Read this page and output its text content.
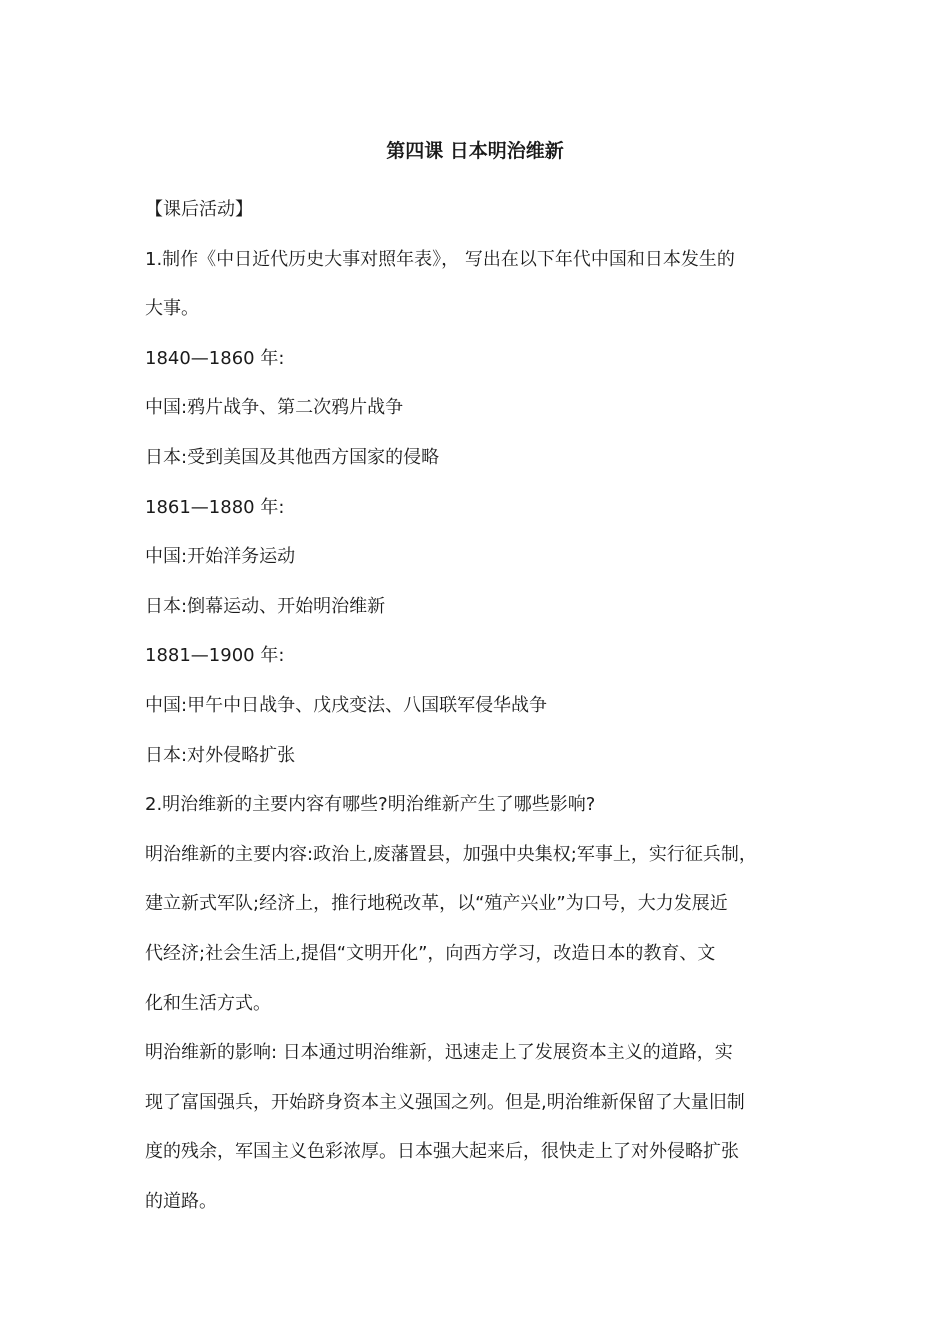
第四课 日本明治维新
【课后活动】
1.制作《中日近代历史大事对照年表》， 写出在以下年代中国和日本发生的
大事。
1840—1860 年:
中国:鸦片战争、第二次鸦片战争
日本:受到美国及其他西方国家的侵略
1861—1880 年:
中国:开始洋务运动
日本:倒幕运动、开始明治维新
1881—1900 年:
中国:甲午中日战争、戊戌变法、八国联军侵华战争
日本:对外侵略扩张
2.明治维新的主要内容有哪些?明治维新产生了哪些影响?
明治维新的主要内容:政治上,废藩置县，加强中央集权;军事上，实行征兵制，
建立新式军队;经济上，推行地税改革，以“殖产兴业”为口号，大力发展近
代经济;社会生活上,提倡“文明开化”，向西方学习，改造日本的教育、文
化和生活方式。
明治维新的影响: 日本通过明治维新，迅速走上了发展资本主义的道路，实
现了富国强兵，开始跻身资本主义强国之列。但是,明治维新保留了大量旧制
度的残余，军国主义色彩浓厚。日本强大起来后，很快走上了对外侵略扩张
的道路。
